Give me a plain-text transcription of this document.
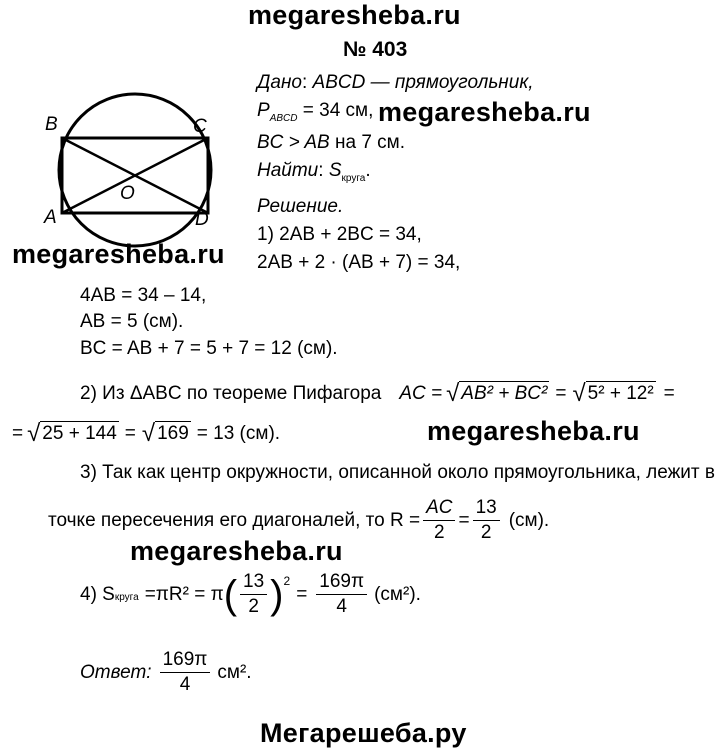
megaresheba.ru
№ 403
B	C
A	D
O
Дано: ABCD — прямоугольник,
$P_{ABCD} = 34$ см, megaresheba.ru
BC > AB на 7 см.
Найти: $S_{круга}$.
Решение.
1) 2AB + 2BC = 34,
megaresheba.ru 2AB + 2 · (AB + 7) = 34,
4AB = 34 – 14,
AB = 5 (см).
BC = AB + 7 = 5 + 7 = 12 (см).
2) Из ΔABC по теореме Пифагора AC = √ AB² + BC² = √ 5² + 12² =
= √ 25 + 144 = √ 169 = 13 (см).	megaresheba.ru
3) Так как центр окружности, описанной около прямоугольника, лежит в
точке пересечения его диагоналей, то $R = \frac{AC}{2} = \frac{13}{2} (см)$.
megaresheba.ru
4) S круга =πR² = π ( $\frac{13}{2} )^2$
= $\frac{169\pi}{4} (см^2)$.
Ответ: $\frac{169\pi}{4} см^2$.
Мегарешеба.ру
